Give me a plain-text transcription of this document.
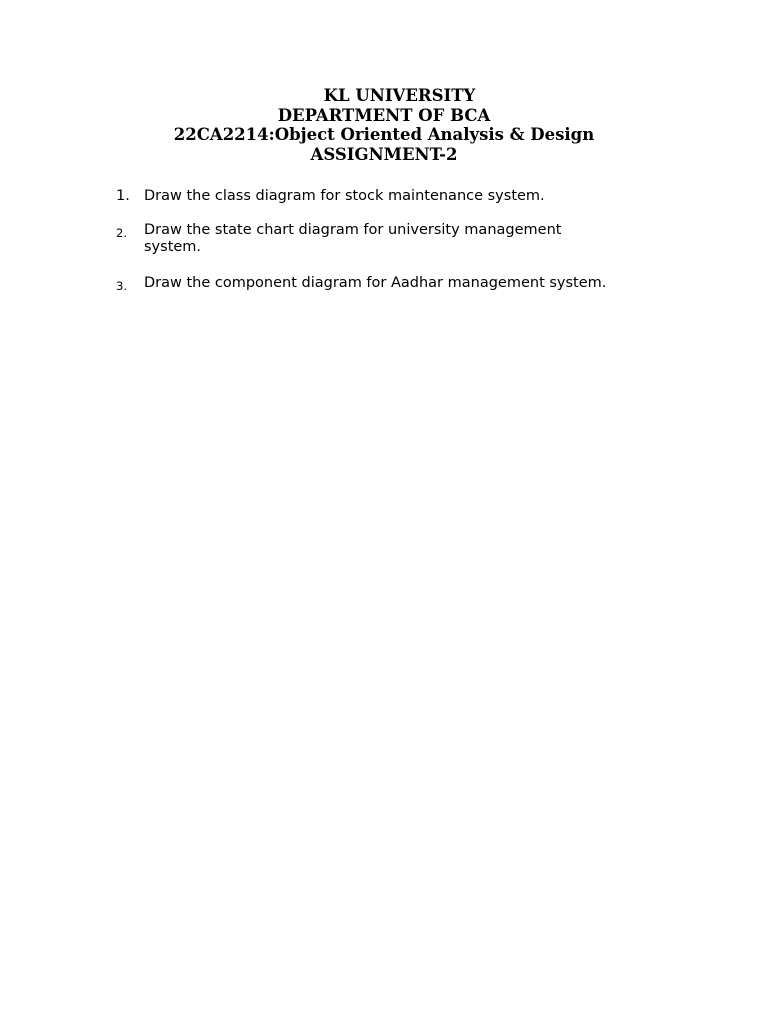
KL UNIVERSITY
DEPARTMENT OF BCA
22CA2214:Object Oriented Analysis & Design
ASSIGNMENT-2
1. Draw the class diagram for stock maintenance system.
2. Draw the state chart diagram for university management system.
3. Draw the component diagram for Aadhar management system.
